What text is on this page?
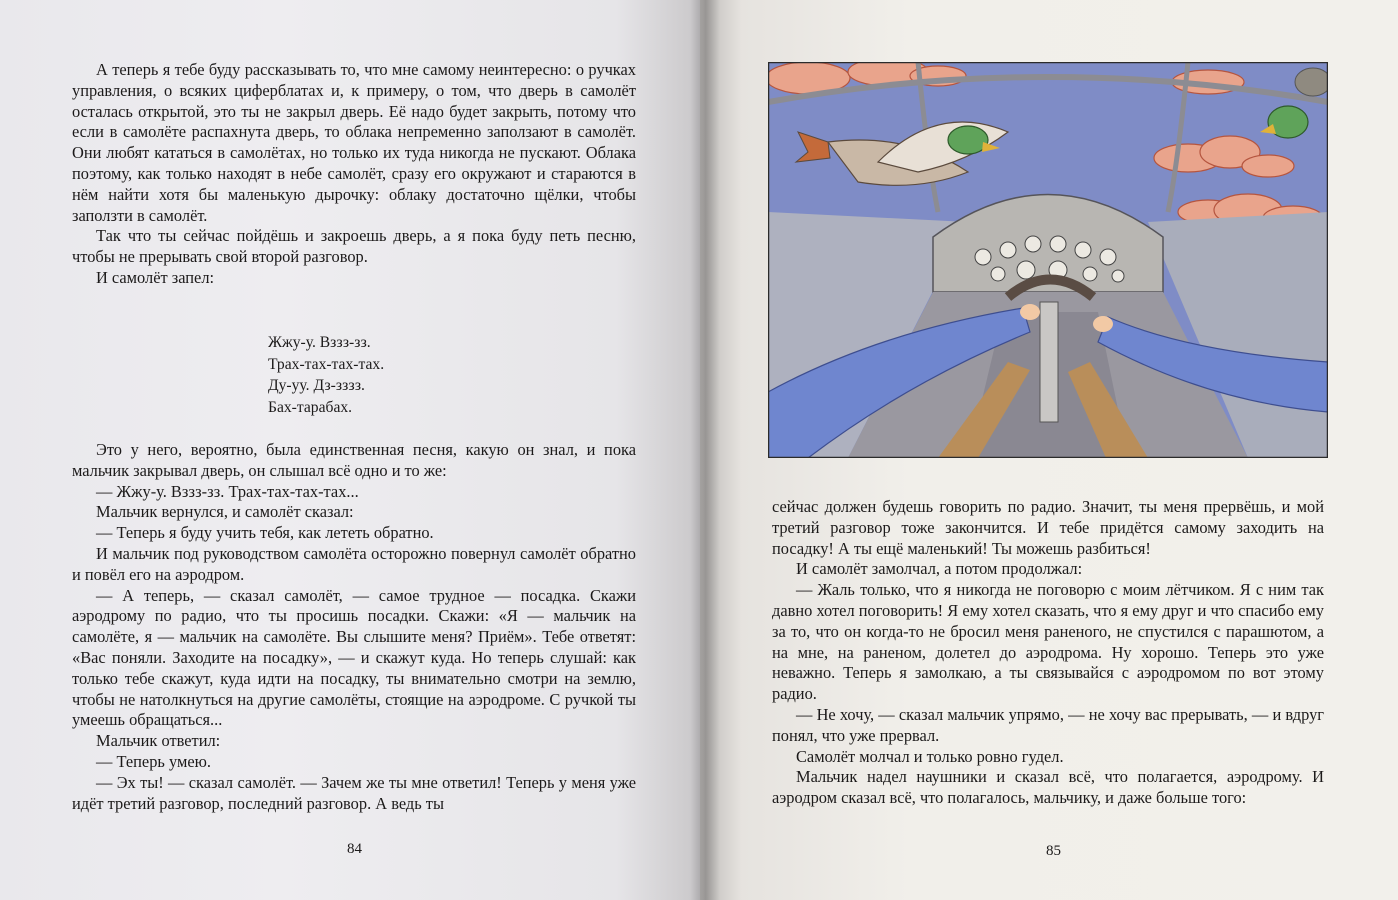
А теперь я тебе буду рассказывать то, что мне самому неинтересно: о ручках управления, о всяких циферблатах и, к примеру, о том, что дверь в самолёт осталась открытой, это ты не закрыл дверь. Её надо будет закрыть, потому что если в самолёте распахнута дверь, то облака непременно заползают в самолёт. Они любят кататься в самолётах, но только их туда никогда не пускают. Облака поэтому, как только находят в небе самолёт, сразу его окружают и стараются в нём найти хотя бы маленькую дырочку: облаку достаточно щёлки, чтобы заползти в самолёт.

Так что ты сейчас пойдёшь и закроешь дверь, а я пока буду петь песню, чтобы не прерывать свой второй разговор.

И самолёт запел:

Жжу-у. Вззз-зз.
Трах-тах-тах-тах.
Ду-уу. Дз-зззз.
Бах-тарабах.

Это у него, вероятно, была единственная песня, какую он знал, и пока мальчик закрывал дверь, он слышал всё одно и то же:

— Жжу-у. Вззз-зз. Трах-тах-тах-тах...

Мальчик вернулся, и самолёт сказал:

— Теперь я буду учить тебя, как лететь обратно.

И мальчик под руководством самолёта осторожно повернул самолёт обратно и повёл его на аэродром.

— А теперь, — сказал самолёт, — самое трудное — посадка. Скажи аэродрому по радио, что ты просишь посадки. Скажи: «Я — мальчик на самолёте, я — мальчик на самолёте. Вы слышите меня? Приём». Тебе ответят: «Вас поняли. Заходите на посадку», — и скажут куда. Но теперь слушай: как только тебе скажут, куда идти на посадку, ты внимательно смотри на землю, чтобы не натолкнуться на другие самолёты, стоящие на аэродроме. С ручкой ты умеешь обращаться...

Мальчик ответил:

— Теперь умею.

— Эх ты! — сказал самолёт. — Зачем же ты мне ответил! Теперь у меня уже идёт третий разговор, последний разговор. А ведь ты

84	85

сейчас должен будешь говорить по радио. Значит, ты меня прервёшь, и мой третий разговор тоже закончится. И тебе придётся самому заходить на посадку! А ты ещё маленький! Ты можешь разбиться!

И самолёт замолчал, а потом продолжал:

— Жаль только, что я никогда не поговорю с моим лётчиком. Я с ним так давно хотел поговорить! Я ему хотел сказать, что я ему друг и что спасибо ему за то, что он когда-то не бросил меня раненого, не спустился с парашютом, а на мне, на раненом, долетел до аэродрома. Ну хорошо. Теперь это уже неважно. Теперь я замолкаю, а ты связывайся с аэродромом по вот этому радио.

— Не хочу, — сказал мальчик упрямо, — не хочу вас прерывать, — и вдруг понял, что уже прервал.

Самолёт молчал и только ровно гудел.

Мальчик надел наушники и сказал всё, что полагается, аэродрому. И аэродром сказал всё, что полагалось, мальчику, и даже больше того:
